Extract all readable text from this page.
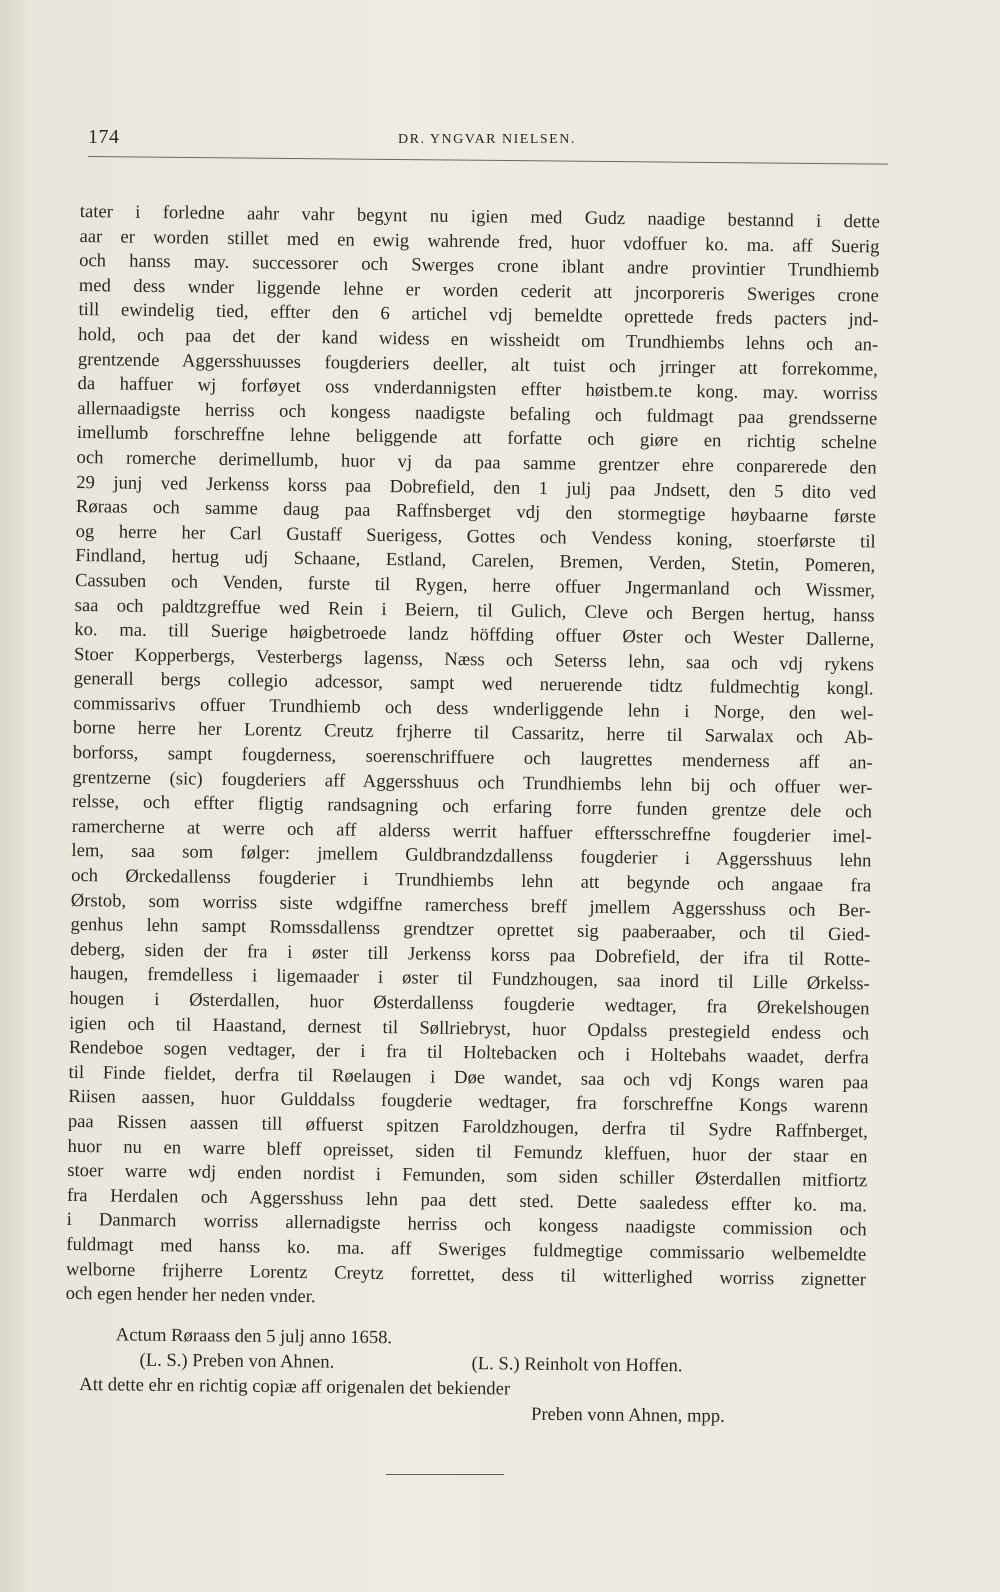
174	DR. YNGVAR NIELSEN.
tater i forledne aahr vahr begynt nu igien med Gudz naadige bestannd i dette
aar er worden stillet med en ewig wahrende fred, huor vdoffuer ko. ma. aff Suerig
och hanss may. successorer och Swerges crone iblant andre provintier Trundhiemb
med dess wnder liggende lehne er worden cederit att jncorporeris Sweriges crone
till ewindelig tied, effter den 6 artichel vdj bemeldte oprettede freds pacters jnd-
hold, och paa det der kand widess en wissheidt om Trundhiembs lehns och an-
grentzende Aggersshuusses fougderiers deeller, alt tuist och jrringer att forrekomme,
da haffuer wj forføyet oss vnderdannigsten effter høistbem.te kong. may. worriss
allernaadigste herriss och kongess naadigste befaling och fuldmagt paa grendsserne
imellumb forschreffne lehne beliggende att forfatte och giøre en richtig schelne
och romerche derimellumb, huor vj da paa samme grentzer ehre conparerede den
29 junj ved Jerkenss korss paa Dobrefield, den 1 julj paa Jndsett, den 5 dito ved
Røraas och samme daug paa Raffnsberget vdj den stormegtige høybaarne første
og herre her Carl Gustaff Suerigess, Gottes och Vendess koning, stoerførste til
Findland, hertug udj Schaane, Estland, Carelen, Bremen, Verden, Stetin, Pomeren,
Cassuben och Venden, furste til Rygen, herre offuer Jngermanland och Wissmer,
saa och paldtzgreffue wed Rein i Beiern, til Gulich, Cleve och Bergen hertug, hanss
ko. ma. till Suerige høigbetroede landz höffding offuer Øster och Wester Dallerne,
Stoer Kopperbergs, Vesterbergs lagenss, Næss och Seterss lehn, saa och vdj rykens
generall bergs collegio adcessor, sampt wed neruerende tidtz fuldmechtig kongl.
commissarivs offuer Trundhiemb och dess wnderliggende lehn i Norge, den wel-
borne herre her Lorentz Creutz frjherre til Cassaritz, herre til Sarwalax och Ab-
borforss, sampt fougderness, soerenschriffuere och laugrettes menderness aff an-
grentzerne (sic) fougderiers aff Aggersshuus och Trundhiembs lehn bij och offuer wer-
relsse, och effter fligtig randsagning och erfaring forre funden grentze dele och
ramercherne at werre och aff alderss werrit haffuer efftersschreffne fougderier imel-
lem, saa som følger: jmellem Guldbrandzdallenss fougderier i Aggersshuus lehn
och Ørckedallenss fougderier i Trundhiembs lehn att begynde och angaae fra
Ørstob, som worriss siste wdgiffne ramerchess breff jmellem Aggersshuss och Ber-
genhus lehn sampt Romssdallenss grendtzer oprettet sig paaberaaber, och til Gied-
deberg, siden der fra i øster till Jerkenss korss paa Dobrefield, der ifra til Rotte-
haugen, fremdelless i ligemaader i øster til Fundzhougen, saa inord til Lille Ørkelss-
hougen i Østerdallen, huor Østerdallenss fougderie wedtager, fra Ørekelshougen
igien och til Haastand, dernest til Søllriebryst, huor Opdalss prestegield endess och
Rendeboe sogen vedtager, der i fra til Holtebacken och i Holtebahs waadet, derfra
til Finde fieldet, derfra til Røelaugen i Døe wandet, saa och vdj Kongs waren paa
Riisen aassen, huor Gulddalss fougderie wedtager, fra forschreffne Kongs warenn
paa Rissen aassen till øffuerst spitzen Faroldzhougen, derfra til Sydre Raffnberget,
huor nu en warre bleff opreisset, siden til Femundz kleffuen, huor der staar en
stoer warre wdj enden nordist i Femunden, som siden schiller Østerdallen mitfiortz
fra Herdalen och Aggersshuss lehn paa dett sted. Dette saaledess effter ko. ma.
i Danmarch worriss allernadigste herriss och kongess naadigste commission och
fuldmagt med hanss ko. ma. aff Sweriges fuldmegtige commissario welbemeldte
welborne frijherre Lorentz Creytz forrettet, dess til witterlighed worriss zignetter
och egen hender her neden vnder.
Actum Røraass den 5 julj anno 1658.
(L. S.) Preben von Ahnen.	(L. S.) Reinholt von Hoffen.
Att dette ehr en richtig copiæ aff origenalen det bekiender
Preben vonn Ahnen, mpp.
